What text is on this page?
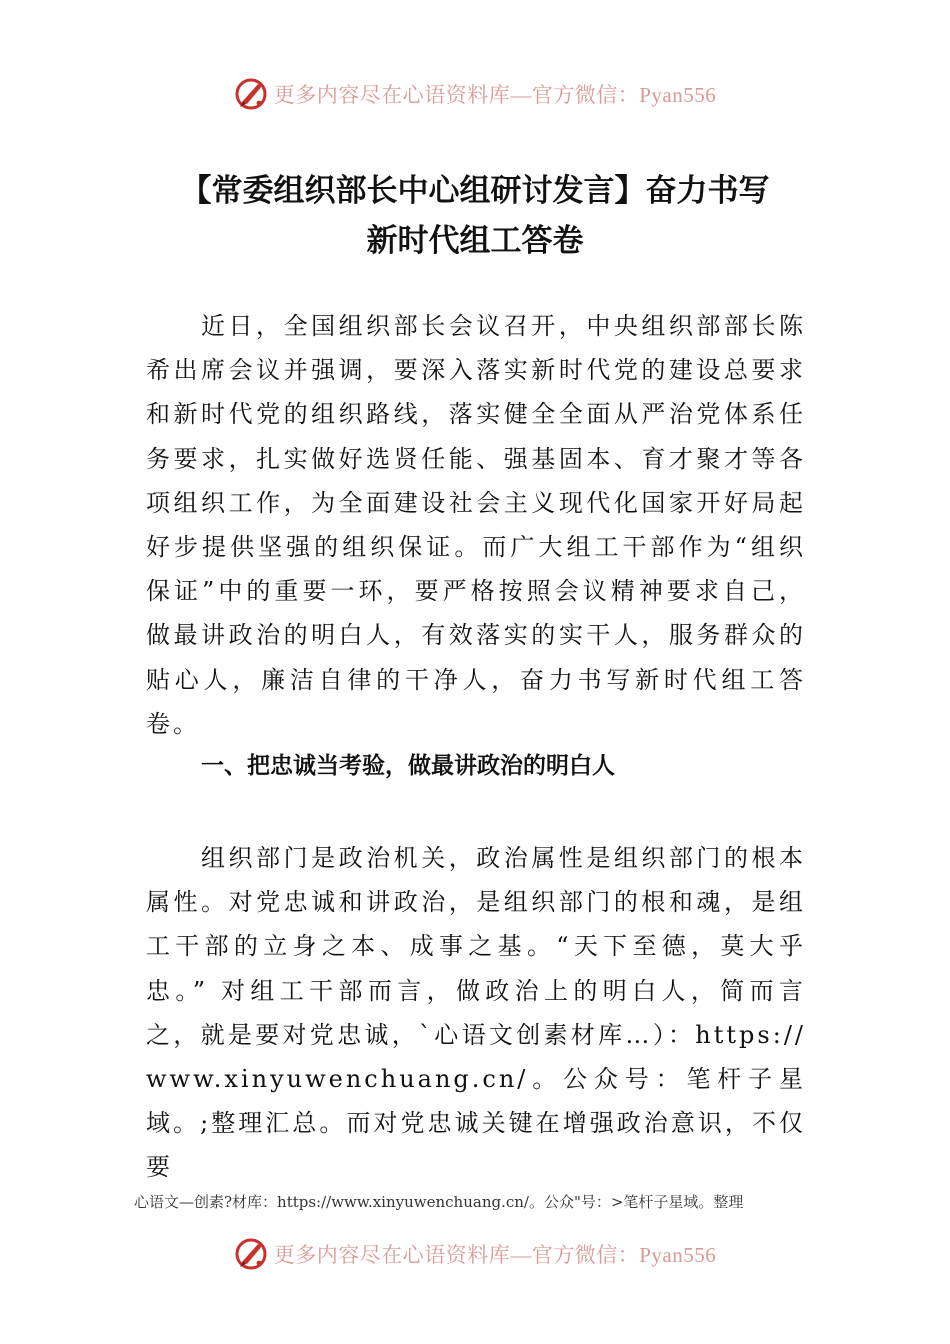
更多内容尽在心语资料库—官方微信：Pyan556
【常委组织部长中心组研讨发言】奋力书写
新时代组工答卷

近日，全国组织部长会议召开，中央组织部部长陈希出席会议并强调，要深入落实新时代党的建设总要求和新时代党的组织路线，落实健全全面从严治党体系任务要求，扎实做好选贤任能、强基固本、育才聚才等各项组织工作，为全面建设社会主义现代化国家开好局起好步提供坚强的组织保证。而广大组工干部作为“组织保证”中的重要一环，要严格按照会议精神要求自己，做最讲政治的明白人，有效落实的实干人，服务群众的贴心人，廉洁自律的干净人，奋力书写新时代组工答卷。

一、把忠诚当考验，做最讲政治的明白人

组织部门是政治机关，政治属性是组织部门的根本属性。对党忠诚和讲政治，是组织部门的根和魂，是组工干部的立身之本、成事之基。“天下至德，莫大乎忠。” 对组工干部而言，做政治上的明白人，简而言之，就是要对党忠诚，`心语文创素材库…）：https://www.xinyuwenchuang.cn/。公众号：笔杆子星域。;整理汇总。而对党忠诚关键在增强政治意识，不仅要

心语文—创素?材库：https://www.xinyuwenchuang.cn/。公众"号：>笔杆子星域。整理

更多内容尽在心语资料库—官方微信：Pyan556
